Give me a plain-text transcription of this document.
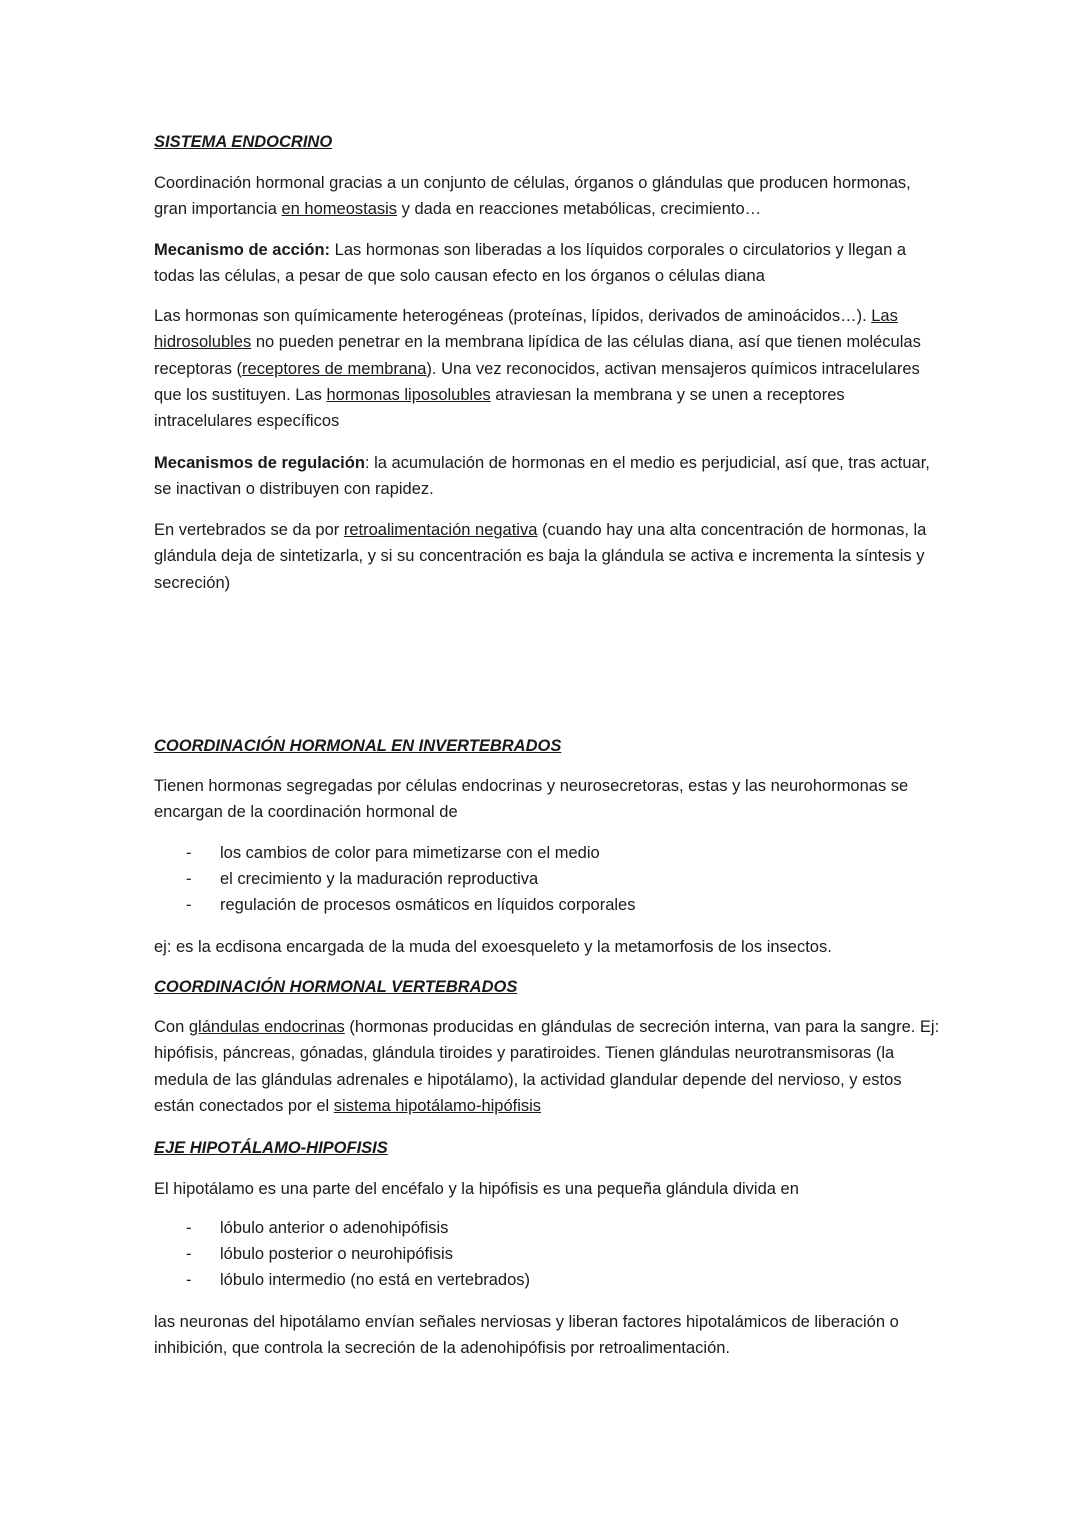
SISTEMA ENDOCRINO
Coordinación hormonal gracias a un conjunto de células, órganos o glándulas que producen hormonas, gran importancia en homeostasis y dada en reacciones metabólicas, crecimiento…
Mecanismo de acción: Las hormonas son liberadas a los líquidos corporales o circulatorios y llegan a todas las células, a pesar de que solo causan efecto en los órganos o células diana
Las hormonas son químicamente heterogéneas (proteínas, lípidos, derivados de aminoácidos…). Las hidrosolubles no pueden penetrar en la membrana lipídica de las células diana, así que tienen moléculas receptoras (receptores de membrana). Una vez reconocidos, activan mensajeros químicos intracelulares que los sustituyen. Las hormonas liposolubles atraviesan la membrana y se unen a receptores intracelulares específicos
Mecanismos de regulación: la acumulación de hormonas en el medio es perjudicial, así que, tras actuar, se inactivan o distribuyen con rapidez.
En vertebrados se da por retroalimentación negativa (cuando hay una alta concentración de hormonas, la glándula deja de sintetizarla, y si su concentración es baja la glándula se activa e incrementa la síntesis y secreción)
COORDINACIÓN HORMONAL EN INVERTEBRADOS
Tienen hormonas segregadas por células endocrinas y neurosecretoras, estas y las neurohormonas se encargan de la coordinación hormonal de
- los cambios de color para mimetizarse con el medio
- el crecimiento y la maduración reproductiva
- regulación de procesos osmáticos en líquidos corporales
ej: es la ecdisona encargada de la muda del exoesqueleto y la metamorfosis de los insectos.
COORDINACIÓN HORMONAL VERTEBRADOS
Con glándulas endocrinas (hormonas producidas en glándulas de secreción interna, van para la sangre. Ej: hipófisis, páncreas, gónadas, glándula tiroides y paratiroides. Tienen glándulas neurotransmisoras (la medula de las glándulas adrenales e hipotálamo), la actividad glandular depende del nervioso, y estos están conectados por el sistema hipotálamo-hipófisis
EJE HIPOTÁLAMO-HIPOFISIS
El hipotálamo es una parte del encéfalo y la hipófisis es una pequeña glándula divida en
- lóbulo anterior o adenohipófisis
- lóbulo posterior o neurohipófisis
- lóbulo intermedio (no está en vertebrados)
las neuronas del hipotálamo envían señales nerviosas y liberan factores hipotalámicos de liberación o inhibición, que controla la secreción de la adenohipófisis por retroalimentación.
